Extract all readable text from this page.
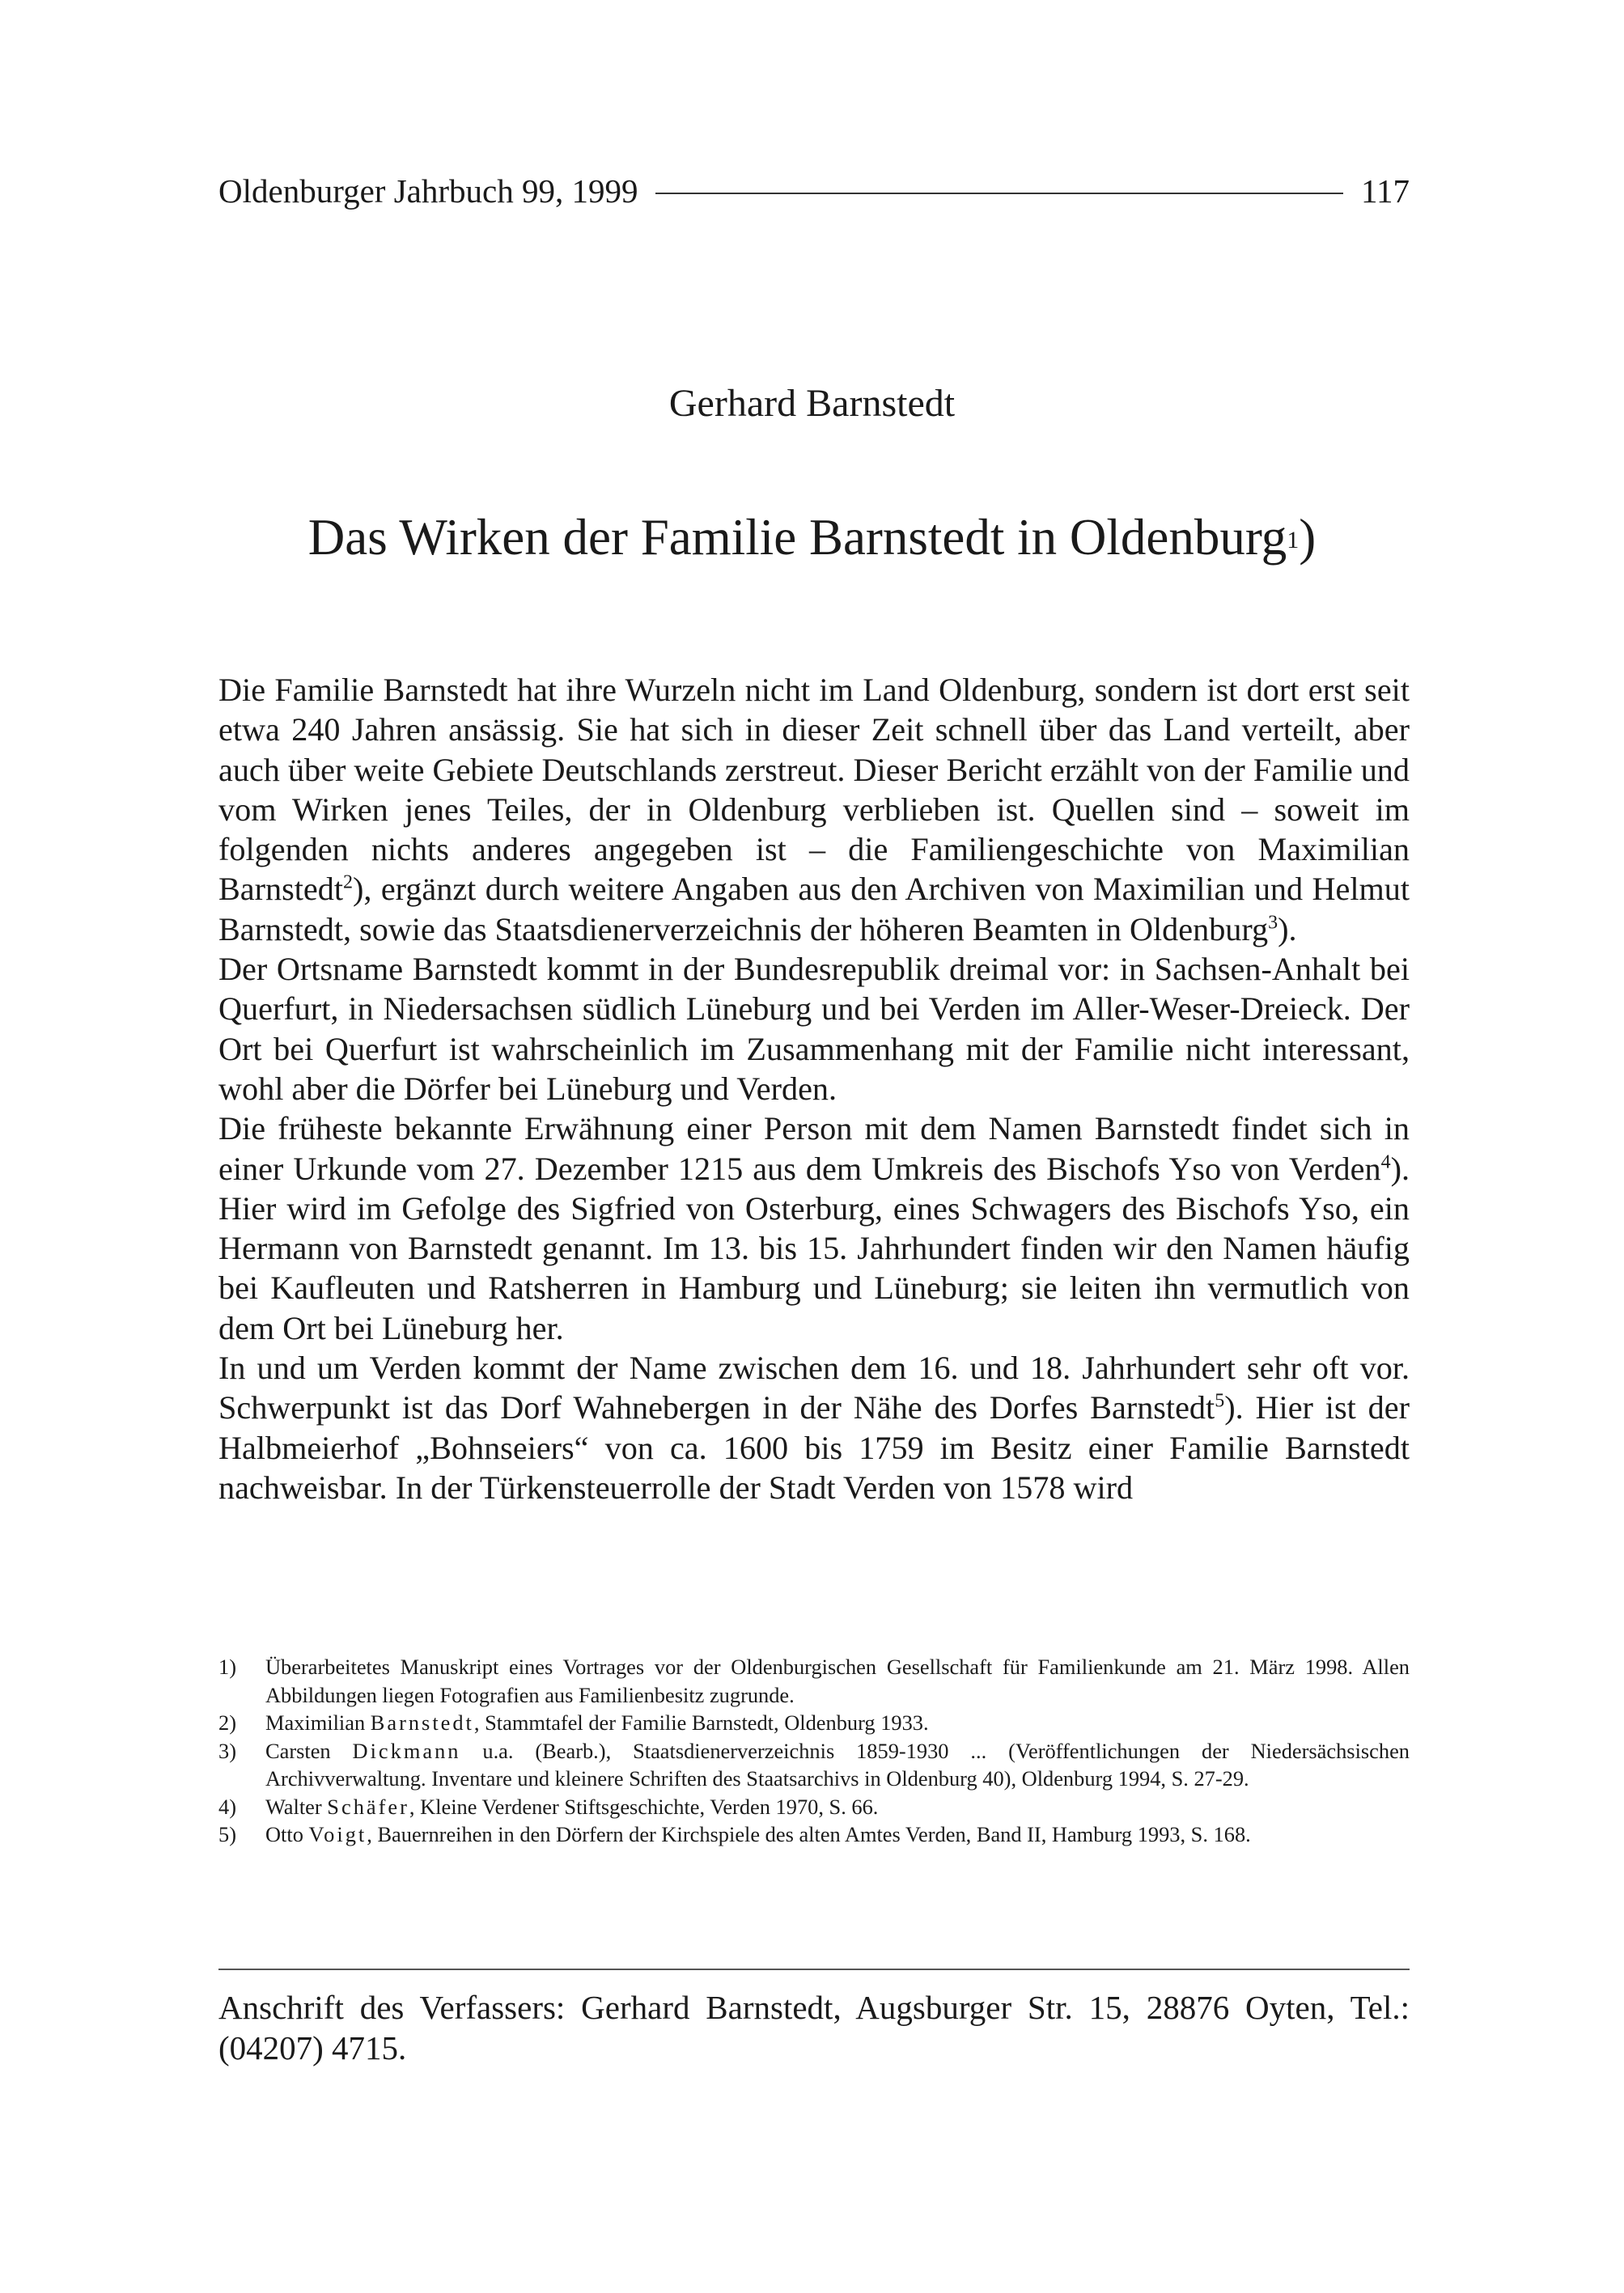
Oldenburger Jahrbuch 99, 1999	117
Gerhard Barnstedt
Das Wirken der Familie Barnstedt in Oldenburg$^1$)

Die Familie Barnstedt hat ihre Wurzeln nicht im Land Oldenburg, sondern ist dort erst seit etwa 240 Jahren ansässig. Sie hat sich in dieser Zeit schnell über das Land verteilt, aber auch über weite Gebiete Deutschlands zerstreut. Dieser Bericht erzählt von der Familie und vom Wirken jenes Teiles, der in Oldenburg verblieben ist. Quellen sind – soweit im folgenden nichts anderes angegeben ist – die Familiengeschichte von Maximilian Barnstedt$^2$), ergänzt durch weitere Angaben aus den Archiven von Maximilian und Helmut Barnstedt, sowie das Staatsdienerverzeichnis der höheren Beamten in Oldenburg$^3$).

Der Ortsname Barnstedt kommt in der Bundesrepublik dreimal vor: in Sachsen-Anhalt bei Querfurt, in Niedersachsen südlich Lüneburg und bei Verden im Aller-Weser-Dreieck. Der Ort bei Querfurt ist wahrscheinlich im Zusammenhang mit der Familie nicht interessant, wohl aber die Dörfer bei Lüneburg und Verden.

Die früheste bekannte Erwähnung einer Person mit dem Namen Barnstedt findet sich in einer Urkunde vom 27. Dezember 1215 aus dem Umkreis des Bischofs Yso von Verden$^4$). Hier wird im Gefolge des Sigfried von Osterburg, eines Schwagers des Bischofs Yso, ein Hermann von Barnstedt genannt. Im 13. bis 15. Jahrhundert finden wir den Namen häufig bei Kaufleuten und Ratsherren in Hamburg und Lüneburg; sie leiten ihn vermutlich von dem Ort bei Lüneburg her.

In und um Verden kommt der Name zwischen dem 16. und 18. Jahrhundert sehr oft vor. Schwerpunkt ist das Dorf Wahnebergen in der Nähe des Dorfes Barnstedt$^5$). Hier ist der Halbmeierhof „Bohnseiers“ von ca. 1600 bis 1759 im Besitz einer Familie Barnstedt nachweisbar. In der Türkensteuerrolle der Stadt Verden von 1578 wird

1)	Überarbeitetes Manuskript eines Vortrages vor der Oldenburgischen Gesellschaft für Familienkunde am 21. März 1998. Allen Abbildungen liegen Fotografien aus Familienbesitz zugrunde.
2)	Maximilian Barnstedt, Stammtafel der Familie Barnstedt, Oldenburg 1933.
3)	Carsten Dickmann u.a. (Bearb.), Staatsdienerverzeichnis 1859-1930 ... (Veröffentlichungen der Niedersächsischen Archivverwaltung. Inventare und kleinere Schriften des Staatsarchivs in Oldenburg 40), Oldenburg 1994, S. 27-29.
4)	Walter Schäfer, Kleine Verdener Stiftsgeschichte, Verden 1970, S. 66.
5)	Otto Voigt, Bauernreihen in den Dörfern der Kirchspiele des alten Amtes Verden, Band II, Hamburg 1993, S. 168.
Anschrift des Verfassers: Gerhard Barnstedt, Augsburger Str. 15, 28876 Oyten, Tel.: (04207) 4715.
